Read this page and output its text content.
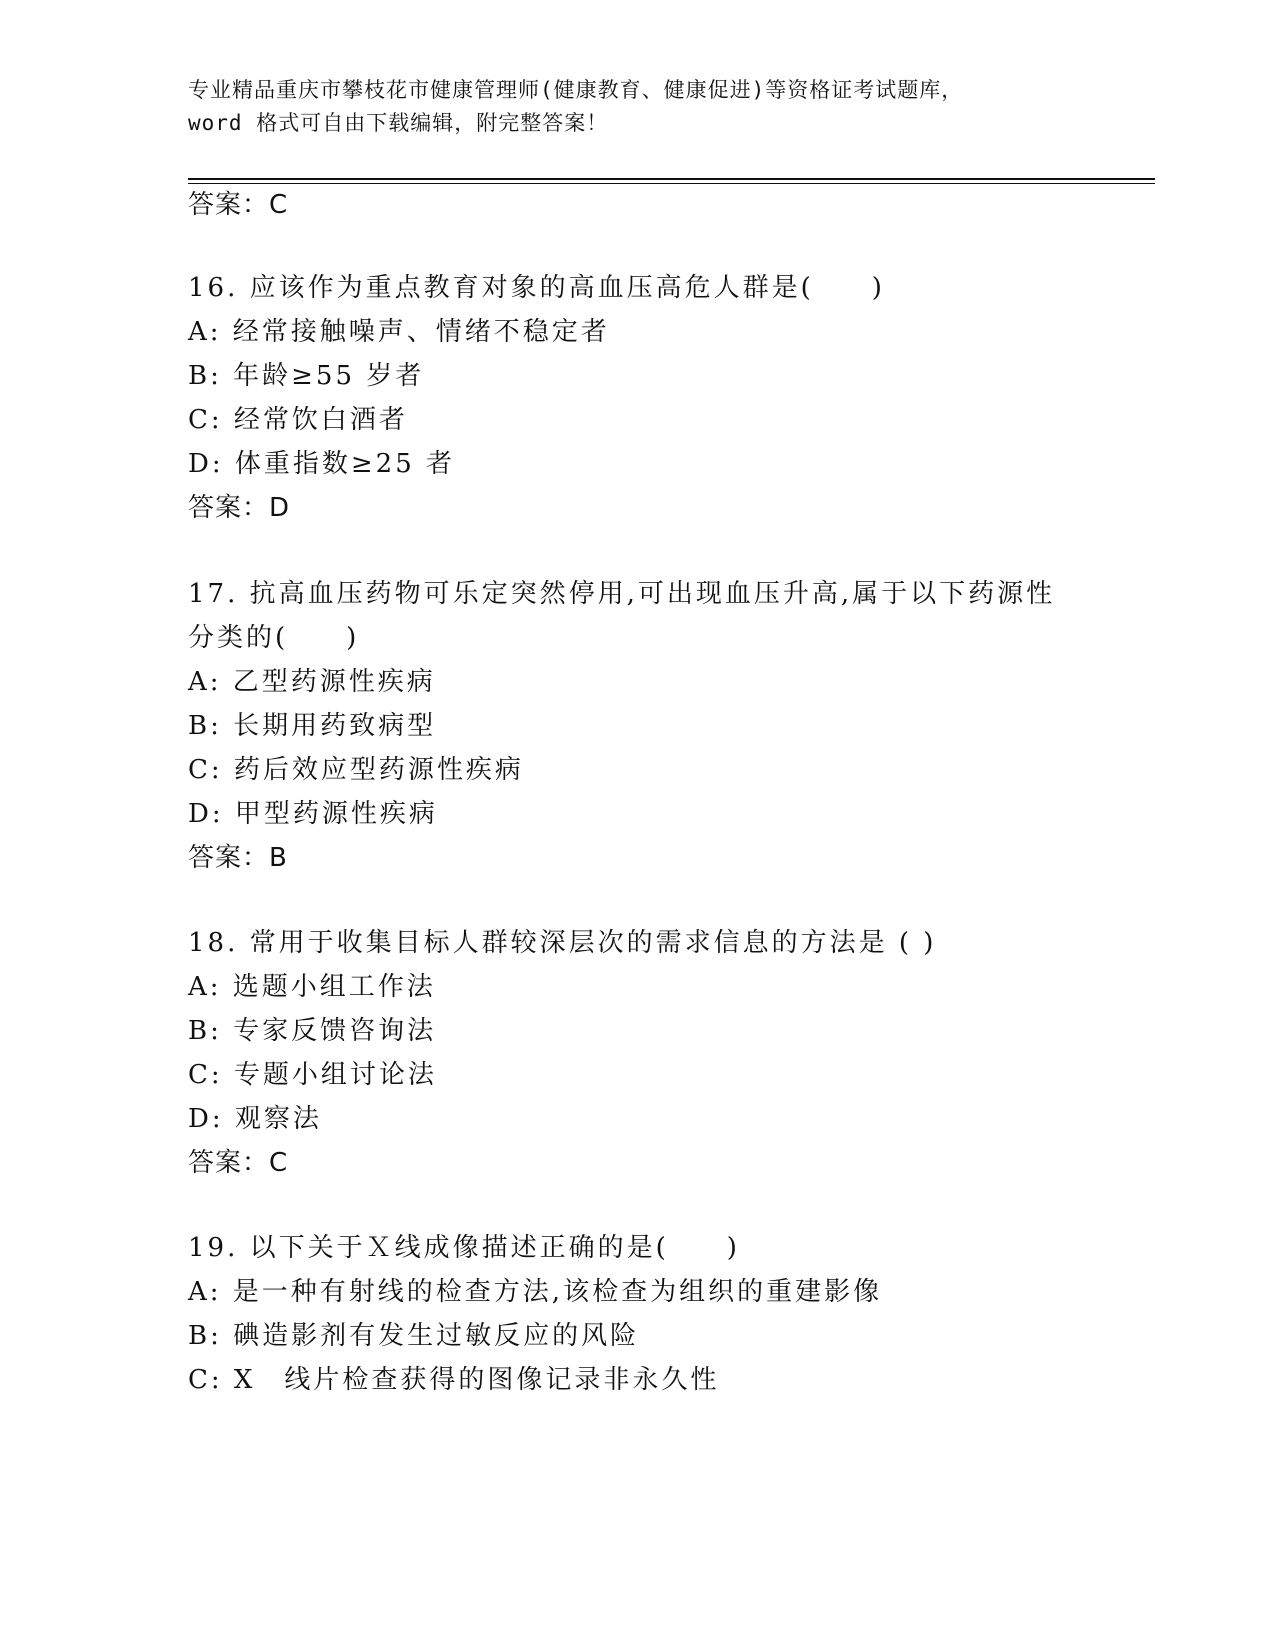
专业精品重庆市攀枝花市健康管理师(健康教育、健康促进)等资格证考试题库，
word 格式可自由下载编辑，附完整答案！
答案：C
16. 应该作为重点教育对象的高血压高危人群是(　　)
A: 经常接触噪声、情绪不稳定者
B: 年龄≥55 岁者
C: 经常饮白酒者
D: 体重指数≥25 者
答案：D
17. 抗高血压药物可乐定突然停用,可出现血压升高,属于以下药源性
分类的(　　)
A: 乙型药源性疾病
B: 长期用药致病型
C: 药后效应型药源性疾病
D: 甲型药源性疾病
答案：B
18. 常用于收集目标人群较深层次的需求信息的方法是 ( )
A: 选题小组工作法
B: 专家反馈咨询法
C: 专题小组讨论法
D: 观察法
答案：C
19. 以下关于Ｘ线成像描述正确的是(　　)
A: 是一种有射线的检查方法,该检查为组织的重建影像
B: 碘造影剂有发生过敏反应的风险
C: X　线片检查获得的图像记录非永久性
